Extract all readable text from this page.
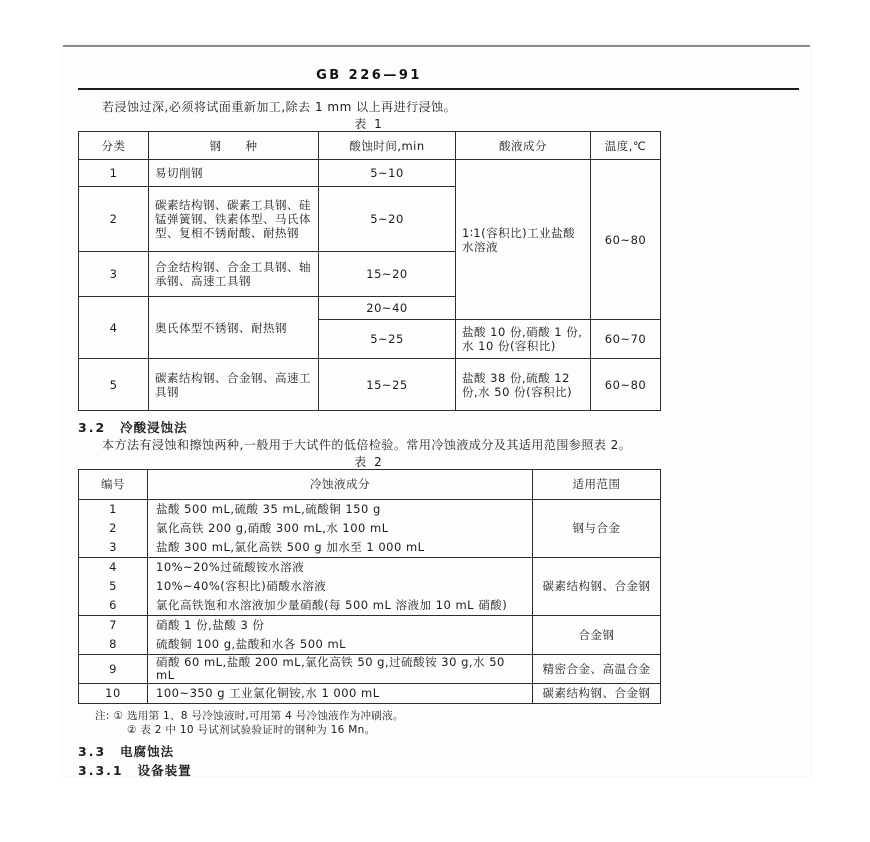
GB 226—91

若浸蚀过深,必须将试面重新加工,除去 1 mm 以上再进行浸蚀。

表 1
分类	钢　　种	酸蚀时间,min	酸液成分	温度,℃
1	易切削钢	5~10	1∶1(容积比)工业盐酸水溶液	60~80
2	碳素结构钢、碳素工具钢、硅锰弹簧钢、铁素体型、马氏体型、复相不锈耐酸、耐热钢	5~20		
3	合金结构钢、合金工具钢、轴承钢、高速工具钢	15~20		
4	奥氏体型不锈钢、耐热钢	20~40		
		5~25	盐酸 10 份,硝酸 1 份,水 10 份(容积比)	60~70
5	碳素结构钢、合金钢、高速工具钢	15~25	盐酸 38 份,硫酸 12 份,水 50 份(容积比)	60~80
3.2 冷酸浸蚀法

本方法有浸蚀和擦蚀两种,一般用于大试件的低倍检验。常用冷蚀液成分及其适用范围参照表 2。

表 2
编号	冷蚀液成分	适用范围
1	盐酸 500 mL,硫酸 35 mL,硫酸铜 150 g	钢与合金
2	氯化高铁 200 g,硝酸 300 mL,水 100 mL	
3	盐酸 300 mL,氯化高铁 500 g 加水至 1 000 mL	
4	10%~20%过硫酸铵水溶液	碳素结构钢、合金钢
5	10%~40%(容积比)硝酸水溶液	
6	氯化高铁饱和水溶液加少量硝酸(每 500 mL 溶液加 10 mL 硝酸)	
7	硝酸 1 份,盐酸 3 份	合金钢
8	硫酸铜 100 g,盐酸和水各 500 mL	
9	硝酸 60 mL,盐酸 200 mL,氯化高铁 50 g,过硫酸铵 30 g,水 50 mL	精密合金、高温合金
10	100~350 g 工业氯化铜铵,水 1 000 mL	碳素结构钢、合金钢
注: ① 选用第 1、8 号冷蚀液时,可用第 4 号冷蚀液作为冲刷液。
② 表 2 中 10 号试剂试验验证时的钢种为 16 Mn。
3.3 电腐蚀法
3.3.1 设备装置
